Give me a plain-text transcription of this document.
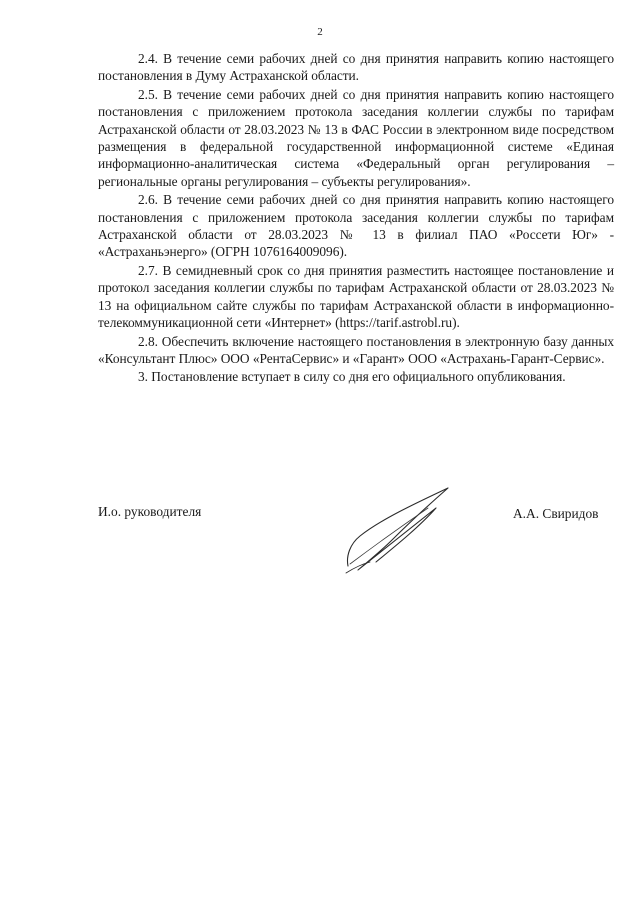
2

2.4. В течение семи рабочих дней со дня принятия направить копию настоящего постановления в Думу Астраханской области.

2.5. В течение семи рабочих дней со дня принятия направить копию настоящего постановления с приложением протокола заседания коллегии службы по тарифам Астраханской области от 28.03.2023 № 13 в ФАС России в электронном виде посредством размещения в федеральной государственной информационной системе «Единая информационно-аналитическая система «Федеральный орган регулирования – региональные органы регулирования – субъекты регулирования».

2.6. В течение семи рабочих дней со дня принятия направить копию настоящего постановления с приложением протокола заседания коллегии службы по тарифам Астраханской области от 28.03.2023 № 13 в филиал ПАО «Россети Юг» - «Астраханьэнерго» (ОГРН 1076164009096).

2.7. В семидневный срок со дня принятия разместить настоящее постановление и протокол заседания коллегии службы по тарифам Астраханской области от 28.03.2023 № 13 на официальном сайте службы по тарифам Астраханской области в информационно-телекоммуникационной сети «Интернет» (https://tarif.astrobl.ru).

2.8. Обеспечить включение настоящего постановления в электронную базу данных «Консультант Плюс» ООО «РентаСервис» и «Гарант» ООО «Астрахань-Гарант-Сервис».

3. Постановление вступает в силу со дня его официального опубликования.

И.о. руководителя	А.А. Свиридов
